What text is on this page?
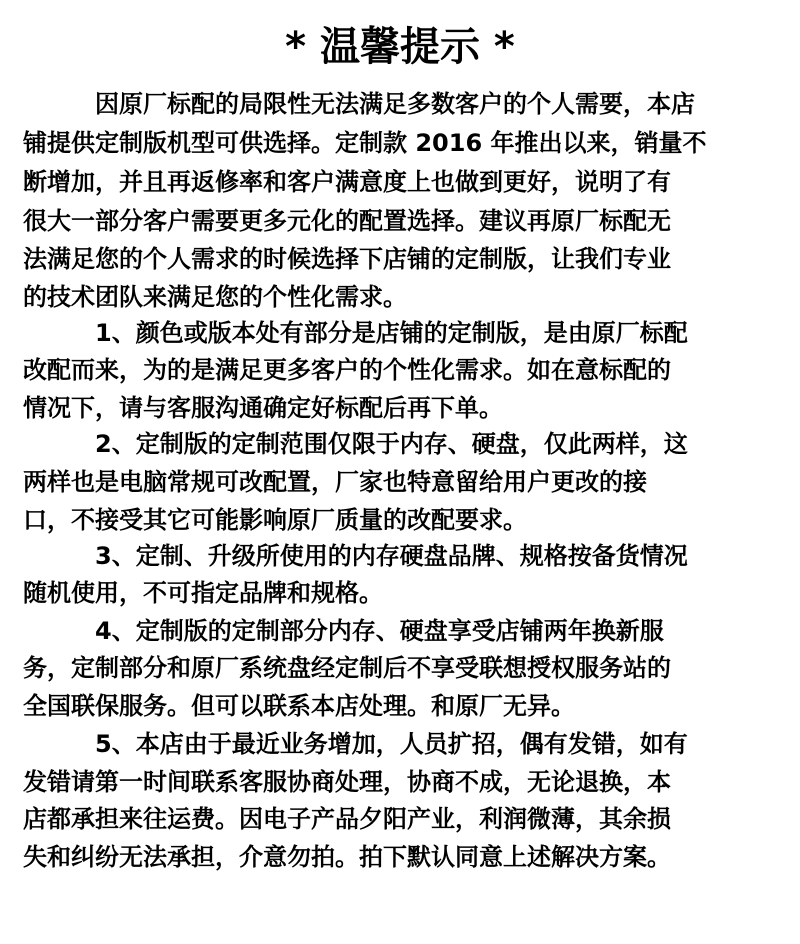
* 温馨提示 *
因原厂标配的局限性无法满足多数客户的个人需要，本店
铺提供定制版机型可供选择。定制款 2016 年推出以来，销量不
断增加，并且再返修率和客户满意度上也做到更好，说明了有
很大一部分客户需要更多元化的配置选择。建议再原厂标配无
法满足您的个人需求的时候选择下店铺的定制版，让我们专业
的技术团队来满足您的个性化需求。
1、颜色或版本处有部分是店铺的定制版，是由原厂标配
改配而来，为的是满足更多客户的个性化需求。如在意标配的
情况下，请与客服沟通确定好标配后再下单。
2、定制版的定制范围仅限于内存、硬盘，仅此两样，这
两样也是电脑常规可改配置，厂家也特意留给用户更改的接
口，不接受其它可能影响原厂质量的改配要求。
3、定制、升级所使用的内存硬盘品牌、规格按备货情况
随机使用，不可指定品牌和规格。
4、定制版的定制部分内存、硬盘享受店铺两年换新服
务，定制部分和原厂系统盘经定制后不享受联想授权服务站的
全国联保服务。但可以联系本店处理。和原厂无异。
5、本店由于最近业务增加，人员扩招，偶有发错，如有
发错请第一时间联系客服协商处理，协商不成，无论退换，本
店都承担来往运费。因电子产品夕阳产业，利润微薄，其余损
失和纠纷无法承担，介意勿拍。拍下默认同意上述解决方案。
